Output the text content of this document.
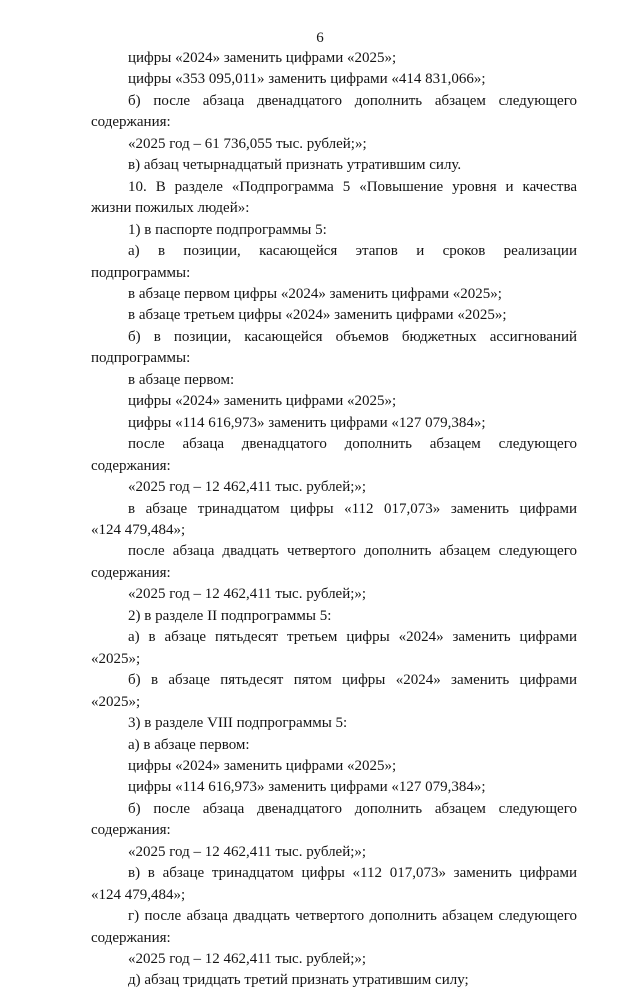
6
цифры «2024» заменить цифрами «2025»;
цифры «353 095,011» заменить цифрами «414 831,066»;
б) после абзаца двенадцатого дополнить абзацем следующего
содержания:
«2025 год – 61 736,055 тыс. рублей;»;
в) абзац четырнадцатый признать утратившим силу.
10. В разделе «Подпрограмма 5 «Повышение уровня и качества
жизни пожилых людей»:
1) в паспорте подпрограммы 5:
а) в позиции, касающейся этапов и сроков реализации
подпрограммы:
в абзаце первом цифры «2024» заменить цифрами «2025»;
в абзаце третьем цифры «2024» заменить цифрами «2025»;
б) в позиции, касающейся объемов бюджетных ассигнований
подпрограммы:
в абзаце первом:
цифры «2024» заменить цифрами «2025»;
цифры «114 616,973» заменить цифрами «127 079,384»;
после абзаца двенадцатого дополнить абзацем следующего
содержания:
«2025 год – 12 462,411 тыс. рублей;»;
в абзаце тринадцатом цифры «112 017,073» заменить цифрами
«124 479,484»;
после абзаца двадцать четвертого дополнить абзацем следующего
содержания:
«2025 год – 12 462,411 тыс. рублей;»;
2) в разделе II подпрограммы 5:
а) в абзаце пятьдесят третьем цифры «2024» заменить цифрами
«2025»;
б) в абзаце пятьдесят пятом цифры «2024» заменить цифрами
«2025»;
3) в разделе VIII подпрограммы 5:
а) в абзаце первом:
цифры «2024» заменить цифрами «2025»;
цифры «114 616,973» заменить цифрами «127 079,384»;
б) после абзаца двенадцатого дополнить абзацем следующего
содержания:
«2025 год – 12 462,411 тыс. рублей;»;
в) в абзаце тринадцатом цифры «112 017,073» заменить цифрами
«124 479,484»;
г) после абзаца двадцать четвертого дополнить абзацем следующего
содержания:
«2025 год – 12 462,411 тыс. рублей;»;
д) абзац тридцать третий признать утратившим силу;
